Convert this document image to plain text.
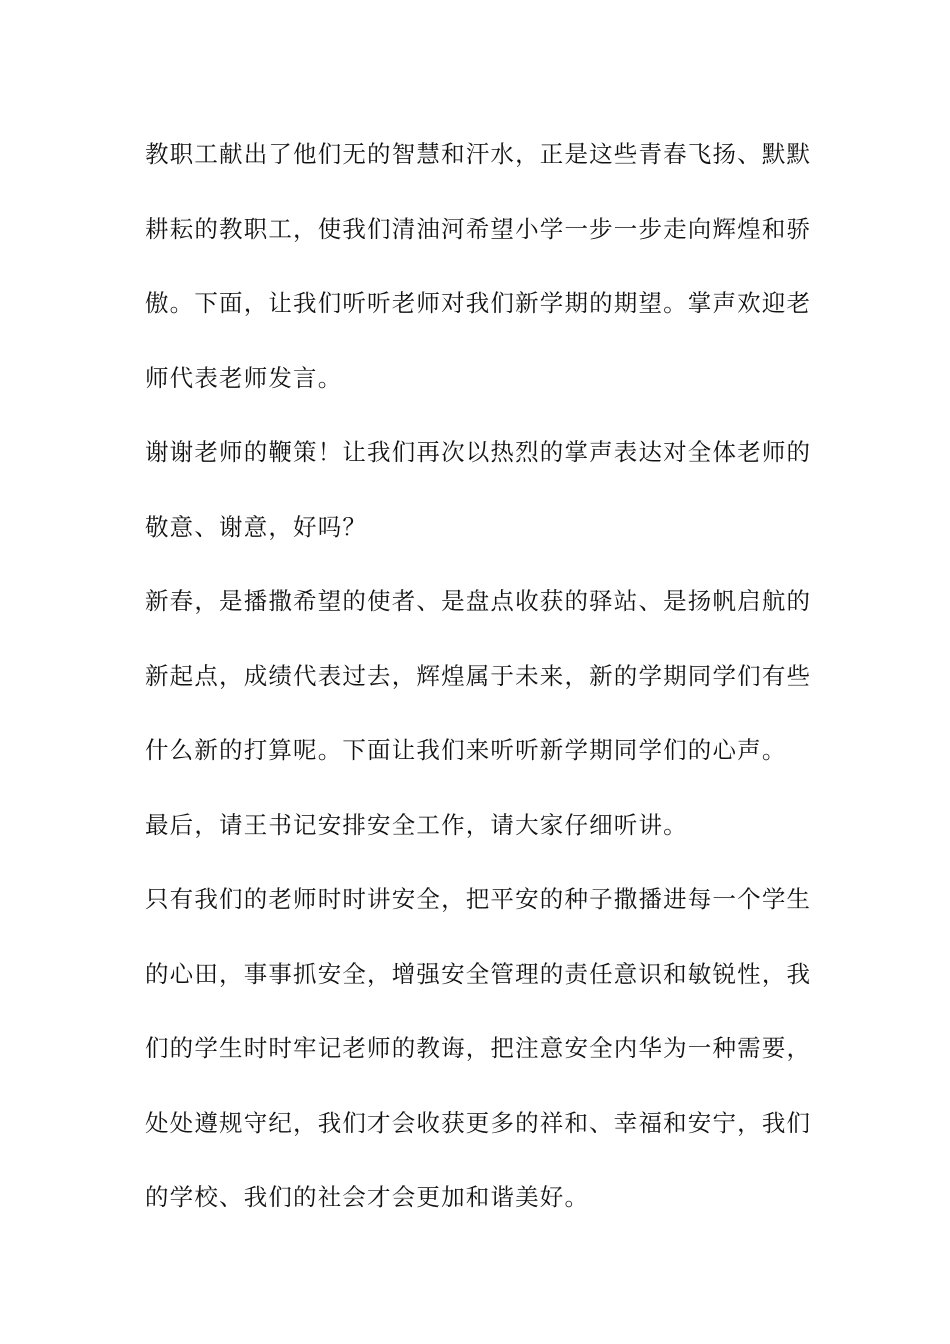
教职工献出了他们无的智慧和汗水，正是这些青春飞扬、默默
耕耘的教职工，使我们清油河希望小学一步一步走向辉煌和骄
傲。下面，让我们听听老师对我们新学期的期望。掌声欢迎老
师代表老师发言。
谢谢老师的鞭策！让我们再次以热烈的掌声表达对全体老师的
敬意、谢意，好吗？
新春，是播撒希望的使者、是盘点收获的驿站、是扬帆启航的
新起点，成绩代表过去，辉煌属于未来，新的学期同学们有些
什么新的打算呢。下面让我们来听听新学期同学们的心声。
最后，请王书记安排安全工作，请大家仔细听讲。
只有我们的老师时时讲安全，把平安的种子撒播进每一个学生
的心田，事事抓安全，增强安全管理的责任意识和敏锐性，我
们的学生时时牢记老师的教诲，把注意安全内华为一种需要，
处处遵规守纪，我们才会收获更多的祥和、幸福和安宁，我们
的学校、我们的社会才会更加和谐美好。
